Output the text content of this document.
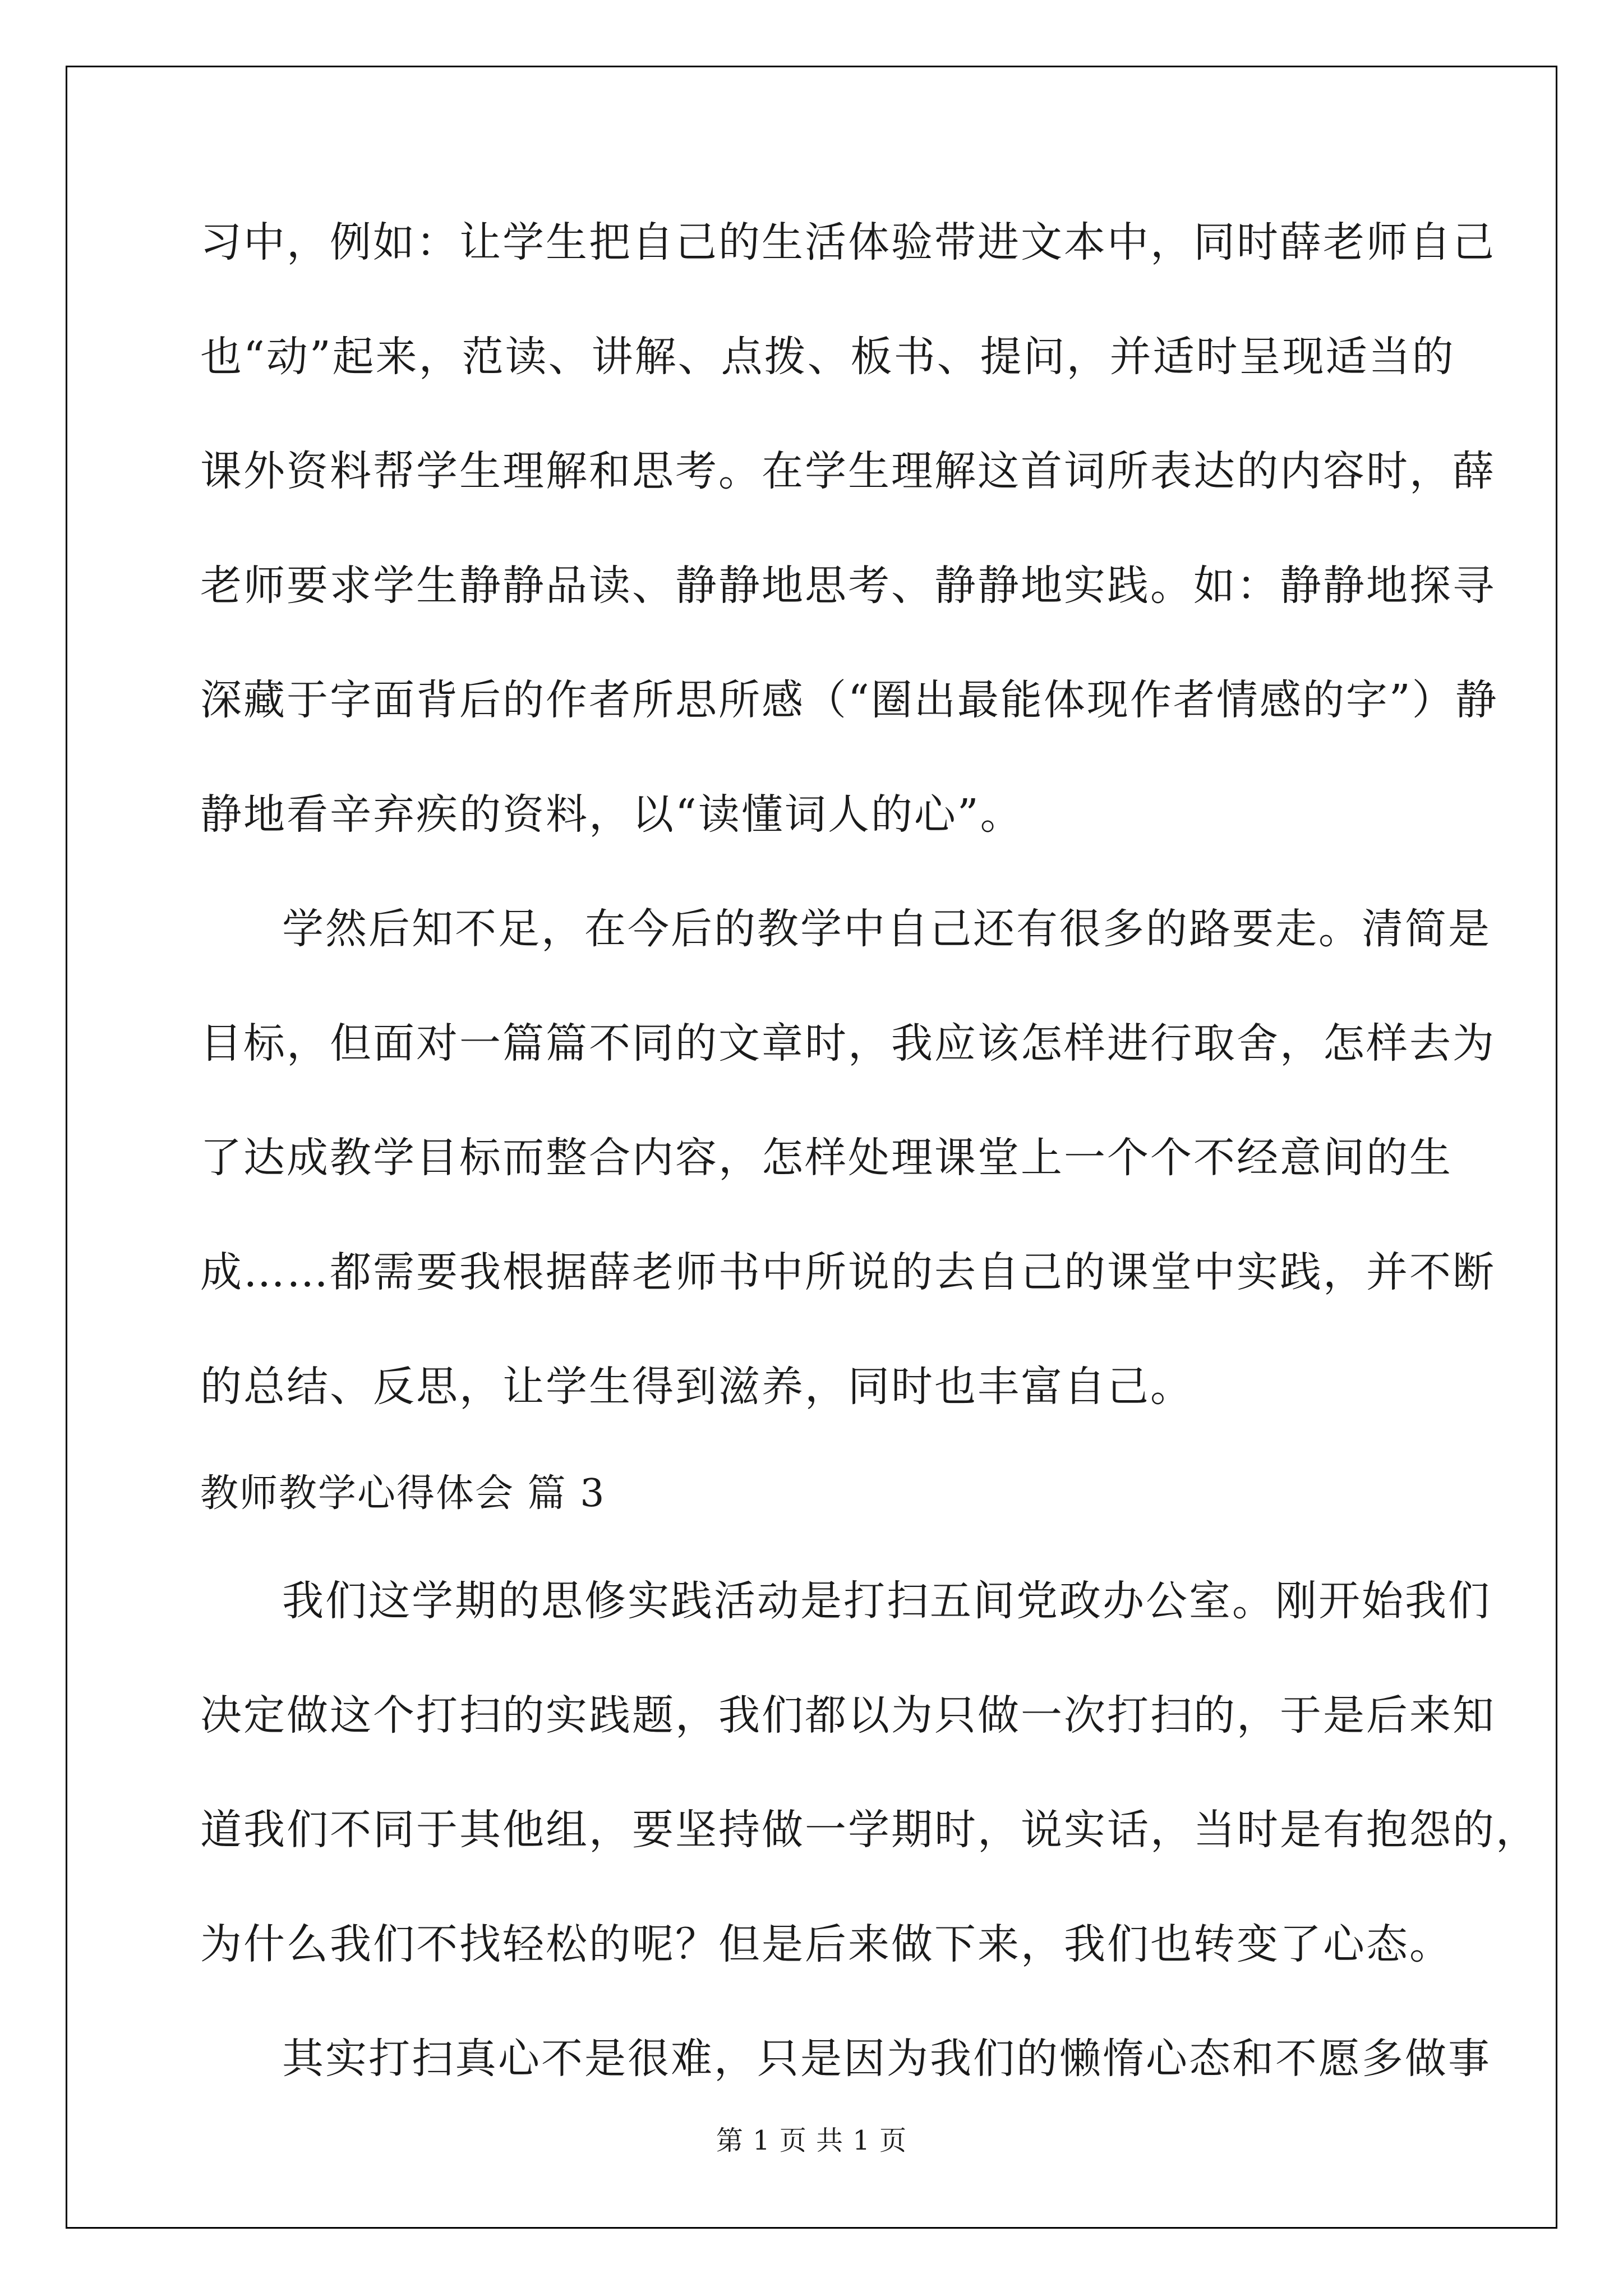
习中，例如：让学生把自己的生活体验带进文本中，同时薛老师自己
也“动”起来，范读、讲解、点拨、板书、提问，并适时呈现适当的
课外资料帮学生理解和思考。在学生理解这首词所表达的内容时，薛
老师要求学生静静品读、静静地思考、静静地实践。如：静静地探寻
深藏于字面背后的作者所思所感（“圈出最能体现作者情感的字”）静
静地看辛弃疾的资料，以“读懂词人的心”。
学然后知不足，在今后的教学中自己还有很多的路要走。清简是
目标，但面对一篇篇不同的文章时，我应该怎样进行取舍，怎样去为
了达成教学目标而整合内容，怎样处理课堂上一个个不经意间的生
成……都需要我根据薛老师书中所说的去自己的课堂中实践，并不断
的总结、反思，让学生得到滋养，同时也丰富自己。
教师教学心得体会 篇 3
我们这学期的思修实践活动是打扫五间党政办公室。刚开始我们
决定做这个打扫的实践题，我们都以为只做一次打扫的，于是后来知
道我们不同于其他组，要坚持做一学期时，说实话，当时是有抱怨的，
为什么我们不找轻松的呢？但是后来做下来，我们也转变了心态。
其实打扫真心不是很难，只是因为我们的懒惰心态和不愿多做事
第 1 页 共 1 页
